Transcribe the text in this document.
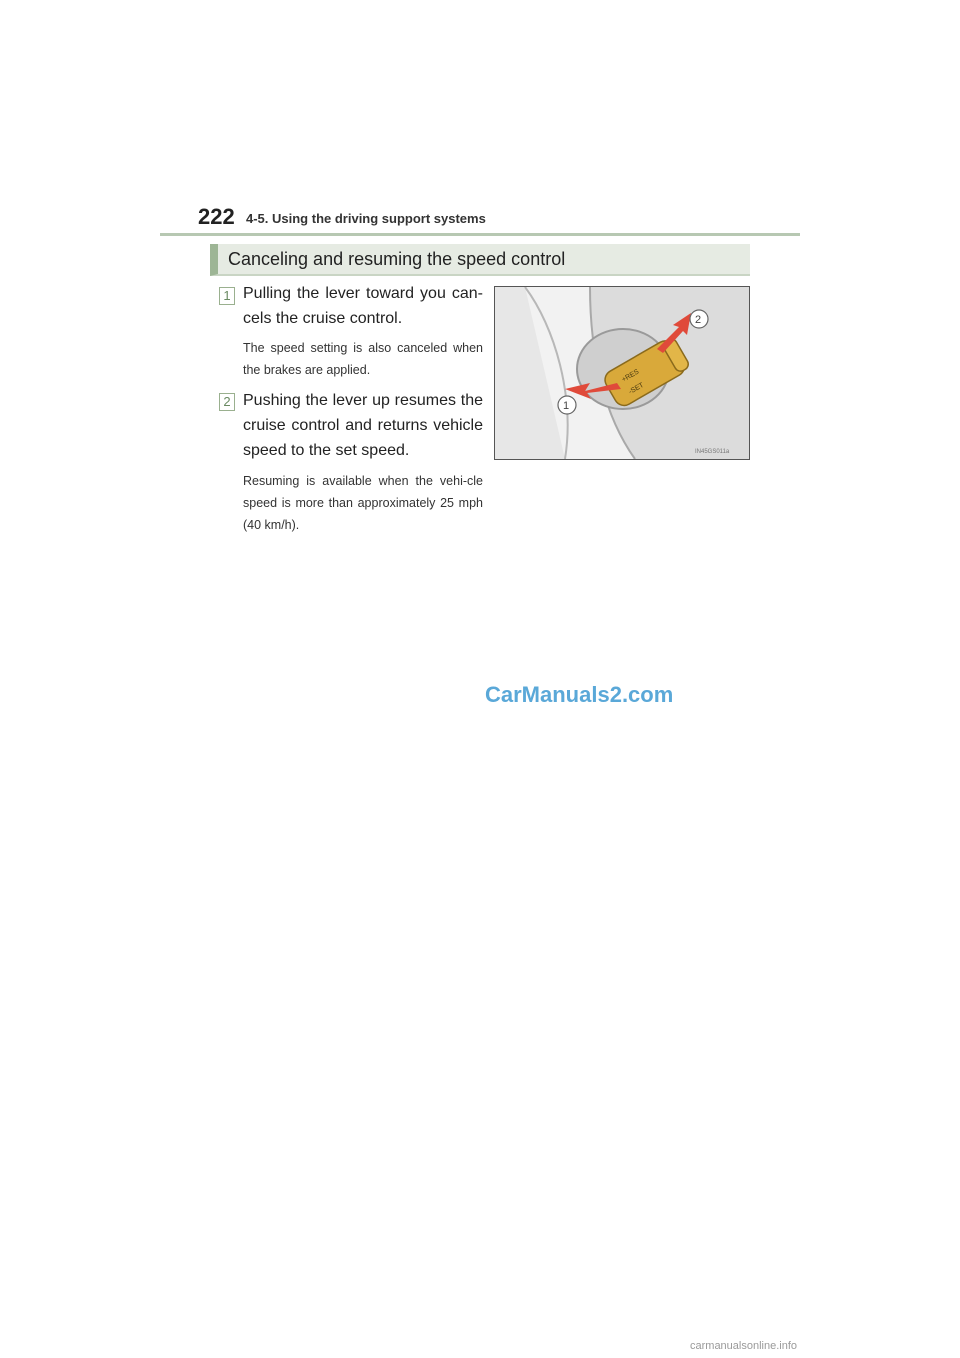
222 4-5. Using the driving support systems
Canceling and resuming the speed control
1 Pulling the lever toward you can-cels the cruise control.
The speed setting is also canceled when the brakes are applied.
2 Pushing the lever up resumes the cruise control and returns vehicle speed to the set speed.
Resuming is available when the vehi-cle speed is more than approximately 25 mph (40 km/h).
+RES
-SET
1
2
IN45GS011a
CarManuals2.com
carmanualsonline.info
